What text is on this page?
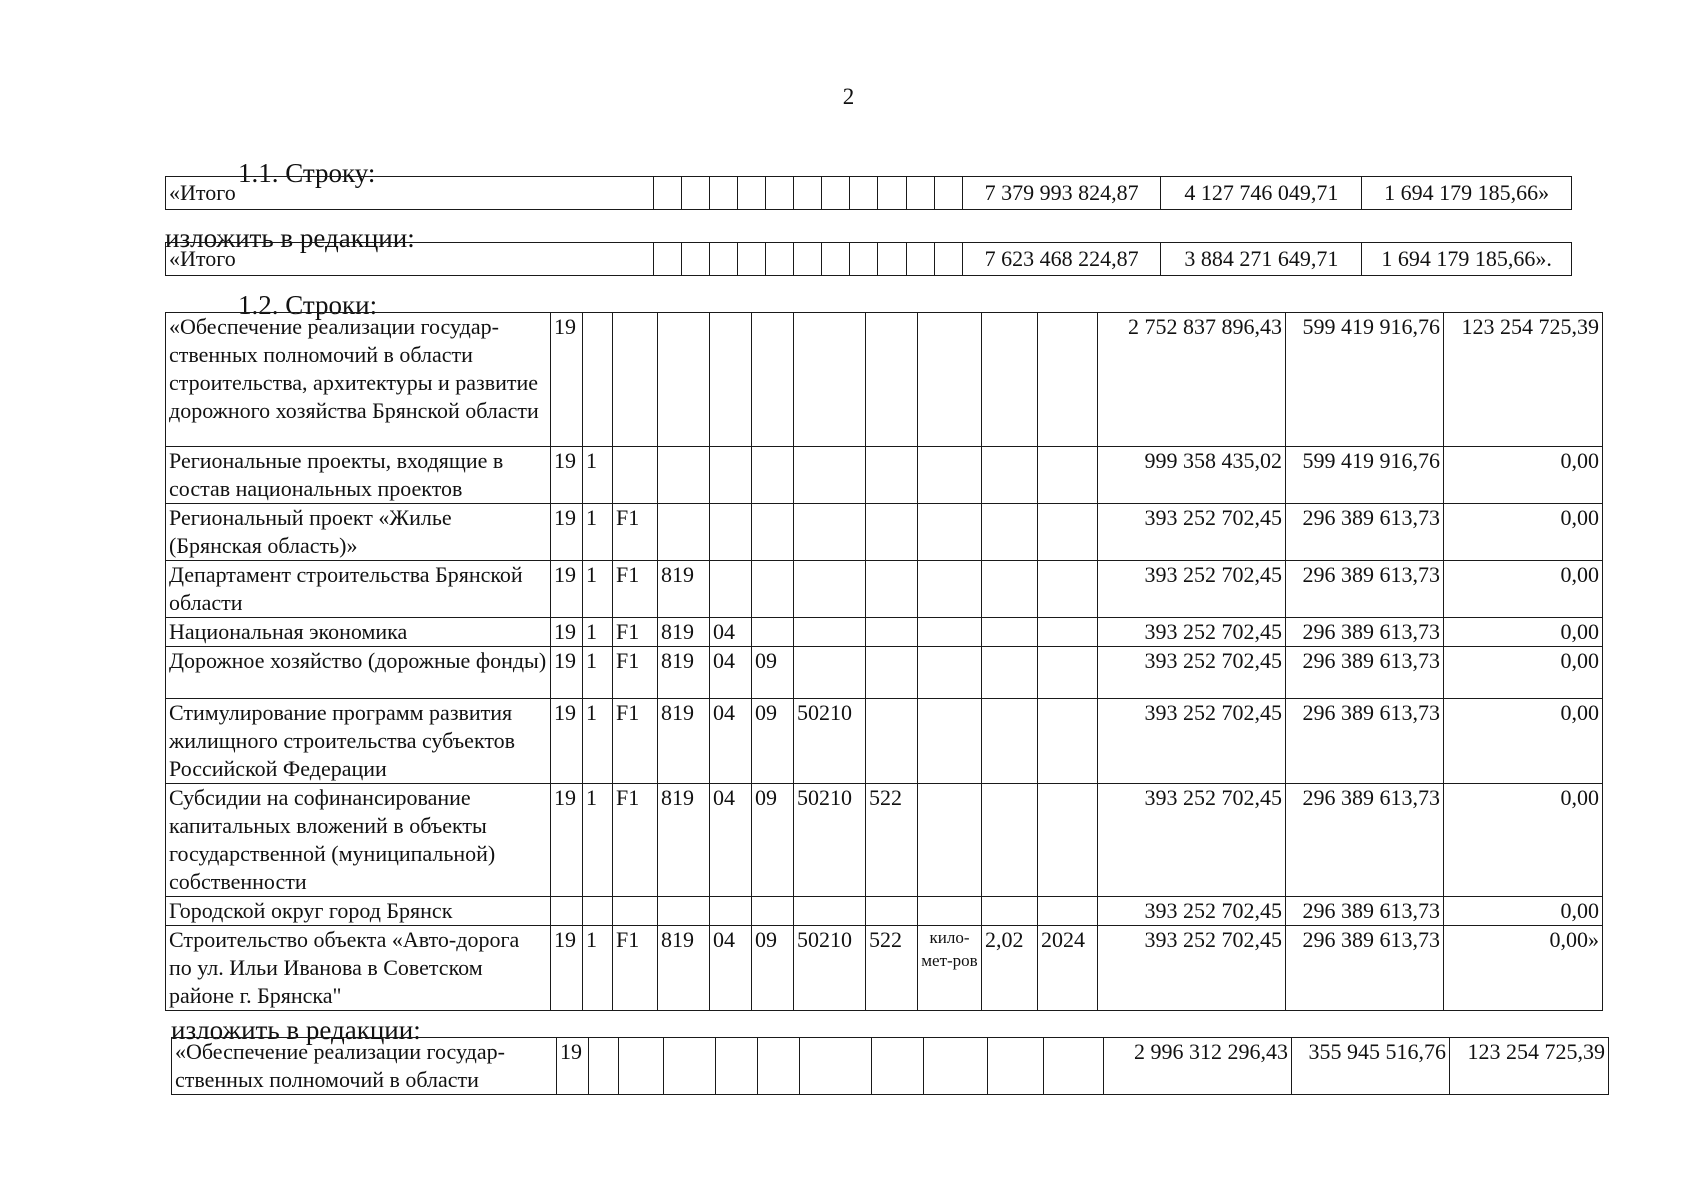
2
1.1. Строку:
«Итого												7 379 993 824,87	4 127 746 049,71	1 694 179 185,66»
изложить в редакции:
«Итого												7 623 468 224,87	3 884 271 649,71	1 694 179 185,66».
1.2. Строки:
«Обеспечение реализации государ-ственных полномочий в области строительства, архитектуры и развитие дорожного хозяйства Брянской области	19											2 752 837 896,43	599 419 916,76	123 254 725,39
Региональные проекты, входящие в состав национальных проектов	19	1										999 358 435,02	599 419 916,76	0,00
Региональный проект «Жилье (Брянская область)»	19	1	F1									393 252 702,45	296 389 613,73	0,00
Департамент строительства Брянской области	19	1	F1	819								393 252 702,45	296 389 613,73	0,00
Национальная экономика	19	1	F1	819	04							393 252 702,45	296 389 613,73	0,00
Дорожное хозяйство (дорожные фонды)	19	1	F1	819	04	09						393 252 702,45	296 389 613,73	0,00
Стимулирование программ развития жилищного строительства субъектов Российской Федерации	19	1	F1	819	04	09	50210					393 252 702,45	296 389 613,73	0,00
Субсидии на софинансирование капитальных вложений в объекты государственной (муниципальной) собственности	19	1	F1	819	04	09	50210	522				393 252 702,45	296 389 613,73	0,00
Городской округ город Брянск												393 252 702,45	296 389 613,73	0,00
Строительство объекта «Авто-дорога по ул. Ильи Иванова в Советском районе г. Брянска"	19	1	F1	819	04	09	50210	522	кило-мет-ров	2,02	2024	393 252 702,45	296 389 613,73	0,00»
изложить в редакции:
«Обеспечение реализации государ-ственных полномочий в области	19											2 996 312 296,43	355 945 516,76	123 254 725,39
